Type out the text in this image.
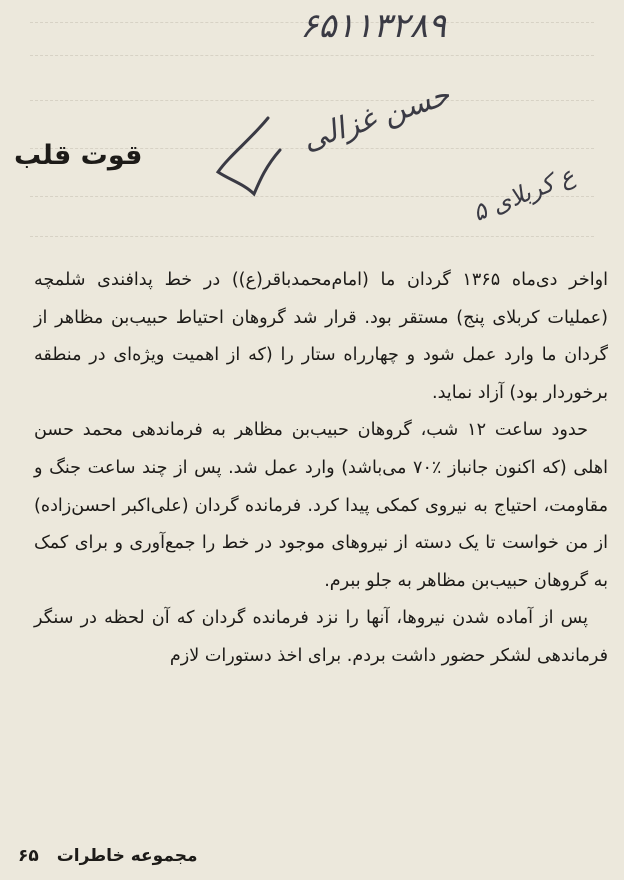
۶۵۱۱۳۲۸۹
حسن غزالی
ع کربلای ۵
قوت قلب

اواخر دی‌ماه ۱۳۶۵ گردان ما (امام‌محمدباقر(ع)) در خط پدافندی شلمچه (عملیات کربلای پنج) مستقر بود. قرار شد گروهان احتیاط حبیب‌بن مظاهر از گردان ما وارد عمل شود و چهارراه ستار را (که از اهمیت ویژه‌ای در منطقه برخوردار بود) آزاد نماید.

حدود ساعت ۱۲ شب، گروهان حبیب‌بن مظاهر به فرماندهی محمد حسن اهلی (که اکنون جانباز ٪۷۰ می‌باشد) وارد عمل شد. پس از چند ساعت جنگ و مقاومت، احتیاج به نیروی کمکی پیدا کرد. فرمانده گردان (علی‌اکبر احسن‌زاده) از من خواست تا یک دسته از نیروهای موجود در خط را جمع‌آوری و برای کمک به گروهان حبیب‌بن مظاهر به جلو ببرم.

پس از آماده شدن نیروها، آنها را نزد فرمانده گردان که آن لحظه در سنگر فرماندهی لشکر حضور داشت بردم. برای اخذ دستورات لازم

مجموعه خاطرات ۶۵
